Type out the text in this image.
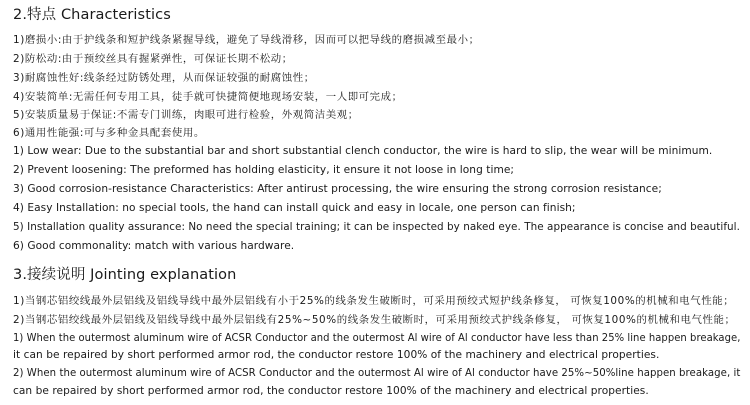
2.特点 Characteristics
1)磨损小:由于护线条和短护线条紧握导线，避免了导线滑移，因而可以把导线的磨损减至最小；
2)防松动:由于预绞丝具有握紧弹性，可保证长期不松动；
3)耐腐蚀性好:线条经过防锈处理，从而保证较强的耐腐蚀性；
4)安装简单:无需任何专用工具，徒手就可快捷简便地现场安装，一人即可完成；
5)安装质量易于保证:不需专门训练，肉眼可进行检验，外观简洁美观；
6)通用性能强:可与多种金具配套使用。
1) Low wear: Due to the substantial bar and short substantial clench conductor, the wire is hard to slip, the wear will be minimum.
2) Prevent loosening: The preformed has holding elasticity, it ensure it not loose in long time;
3) Good corrosion-resistance Characteristics: After antirust processing, the wire ensuring the strong corrosion resistance;
4) Easy Installation: no special tools, the hand can install quick and easy in locale, one person can finish;
5) Installation quality assurance: No need the special training; it can be inspected by naked eye. The appearance is concise and beautiful.
6) Good commonality: match with various hardware.
3.接续说明 Jointing explanation
1)当钢芯铝绞线最外层铝线及铝线导线中最外层铝线有小于25%的线条发生破断时，可采用预绞式短护线条修复， 可恢复100%的机械和电气性能；
2)当钢芯铝绞线最外层铝线及铝线导线中最外层铝线有25%~50%的线条发生破断时，可采用预绞式护线条修复， 可恢复100%的机械和电气性能；
1) When the outermost aluminum wire of ACSR Conductor and the outermost Al wire of Al conductor have less than 25% line happen breakage,
it can be repaired by short performed armor rod, the conductor restore 100% of the machinery and electrical properties.
2) When the outermost aluminum wire of ACSR Conductor and the outermost Al wire of Al conductor have 25%~50%line happen breakage, it
can be repaired by short performed armor rod, the conductor restore 100% of the machinery and electrical properties.
